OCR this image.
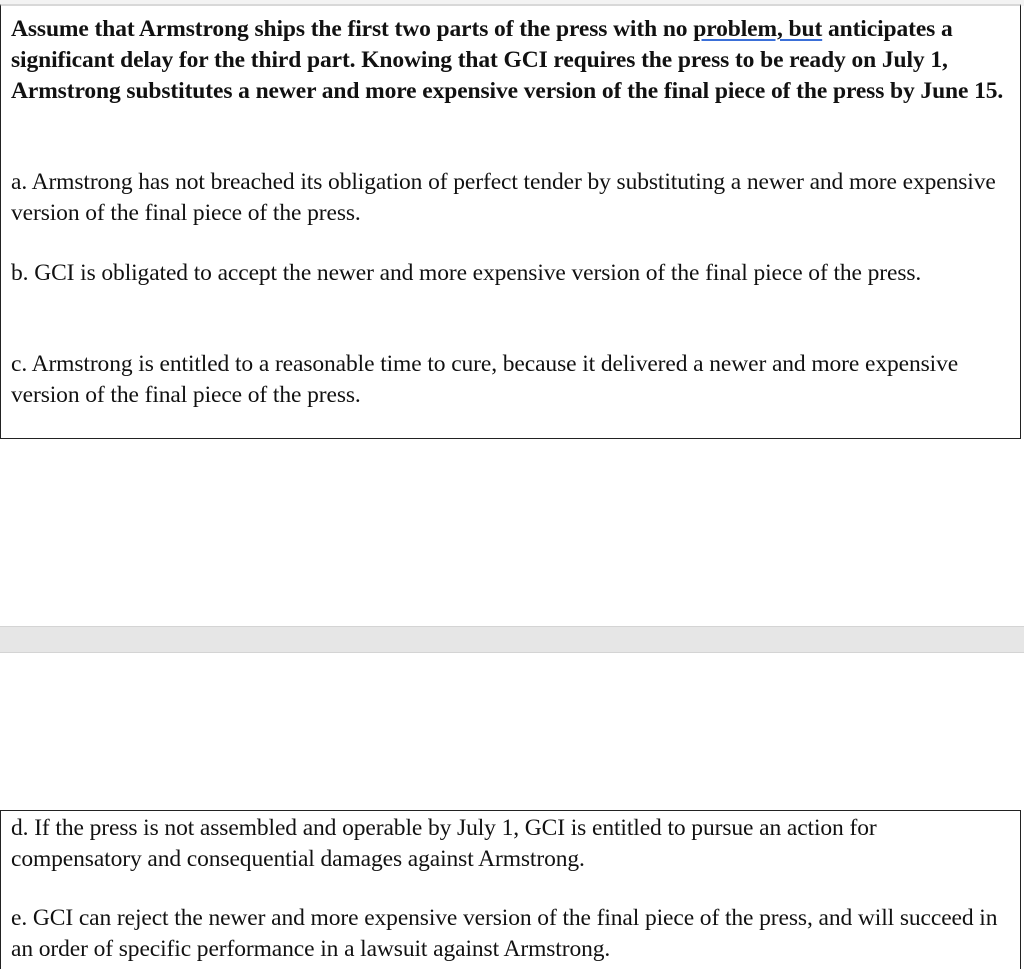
Assume that Armstrong ships the first two parts of the press with no problem, but anticipates a significant delay for the third part. Knowing that GCI requires the press to be ready on July 1, Armstrong substitutes a newer and more expensive version of the final piece of the press by June 15.
a. Armstrong has not breached its obligation of perfect tender by substituting a newer and more expensive version of the final piece of the press.
b. GCI is obligated to accept the newer and more expensive version of the final piece of the press.
c. Armstrong is entitled to a reasonable time to cure, because it delivered a newer and more expensive version of the final piece of the press.
d. If the press is not assembled and operable by July 1, GCI is entitled to pursue an action for compensatory and consequential damages against Armstrong.
e. GCI can reject the newer and more expensive version of the final piece of the press, and will succeed in an order of specific performance in a lawsuit against Armstrong.
